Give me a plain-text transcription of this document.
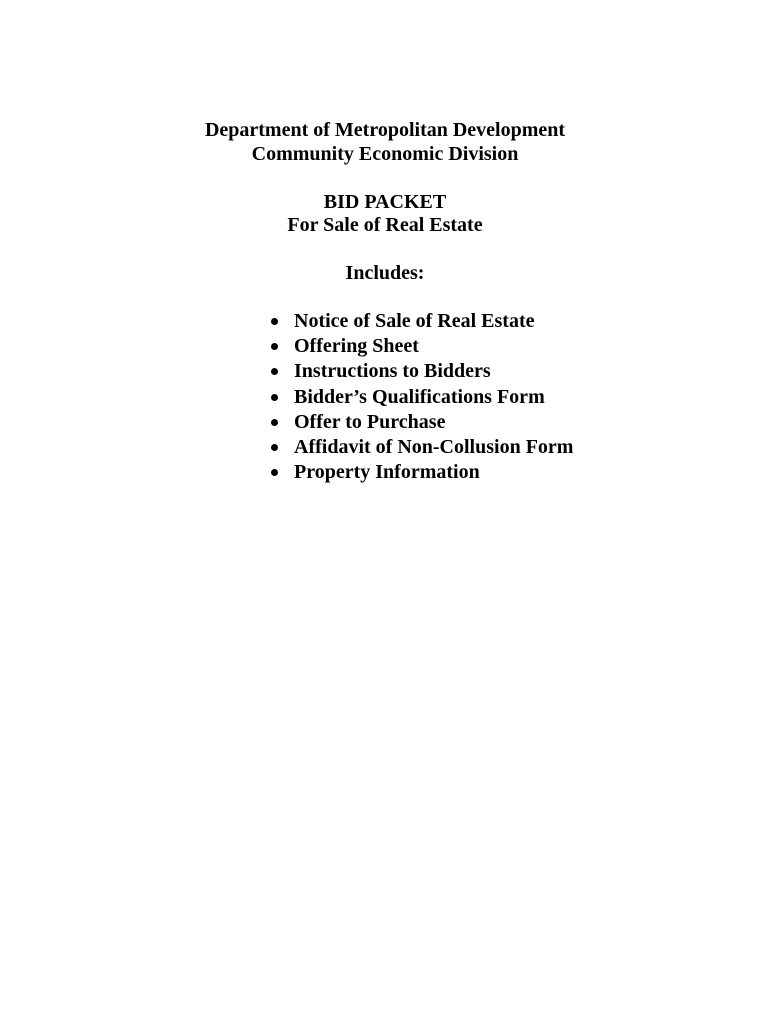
Department of Metropolitan Development
Community Economic Division
BID PACKET
For Sale of Real Estate
Includes:
Notice of Sale of Real Estate
Offering Sheet
Instructions to Bidders
Bidder’s Qualifications Form
Offer to Purchase
Affidavit of Non-Collusion Form
Property Information
